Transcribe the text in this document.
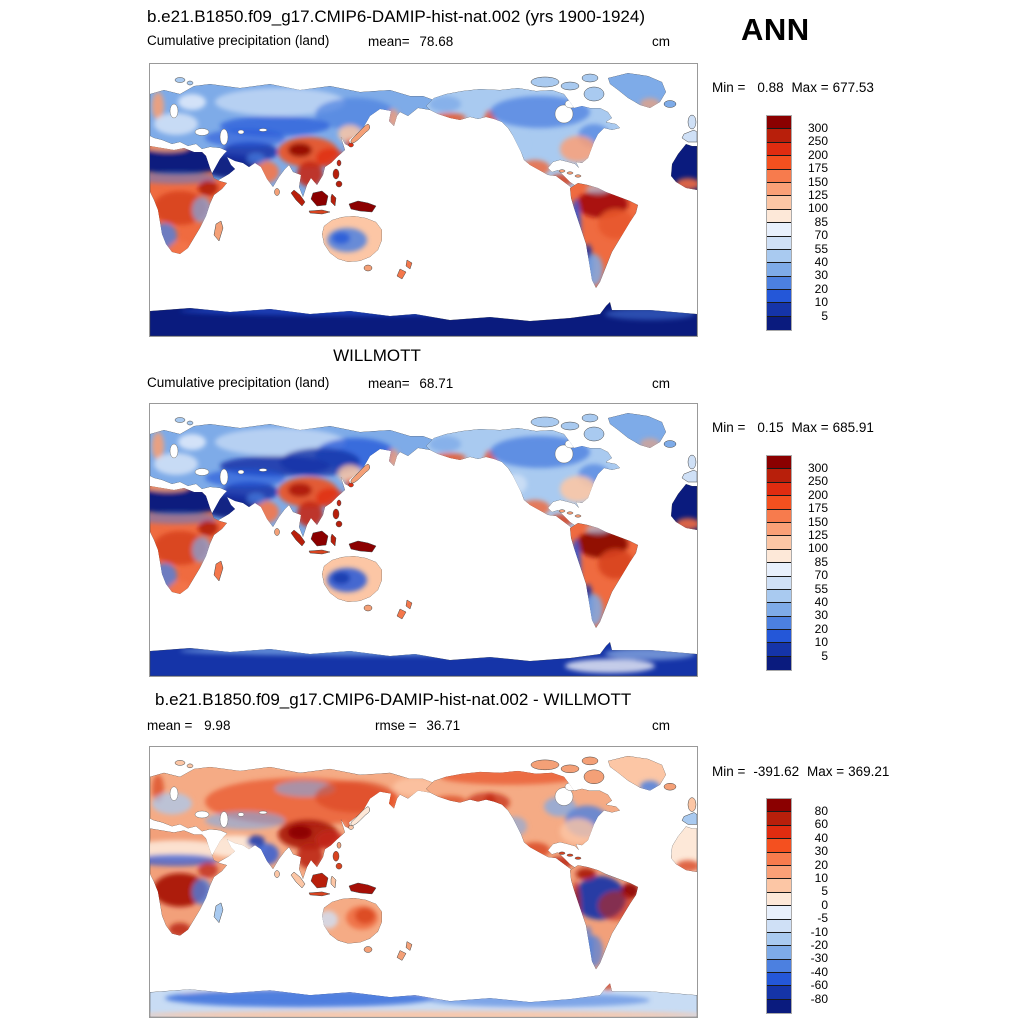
b.e21.B1850.f09_g17.CMIP6-DAMIP-hist-nat.002 (yrs 1900-1924)
Cumulative precipitation (land)	mean= 78.68	cm ANN
Min = 0.88 Max = 677.53
300
250
200
175
150
125
100
85
70
55
40
30
20
10
5
WILLMOTT
Cumulative precipitation (land)	mean= 68.71	cm
Min = 0.15 Max = 685.91
300
250
200
175
150
125
100
85
70
55
40
30
20
10
5
b.e21.B1850.f09_g17.CMIP6-DAMIP-hist-nat.002 - WILLMOTT
mean = 9.98	rmse = 36.71	cm
Min = -391.62 Max = 369.21
80
60
40
30
20
10
5
0
-5
-10
-20
-30
-40
-60
-80
